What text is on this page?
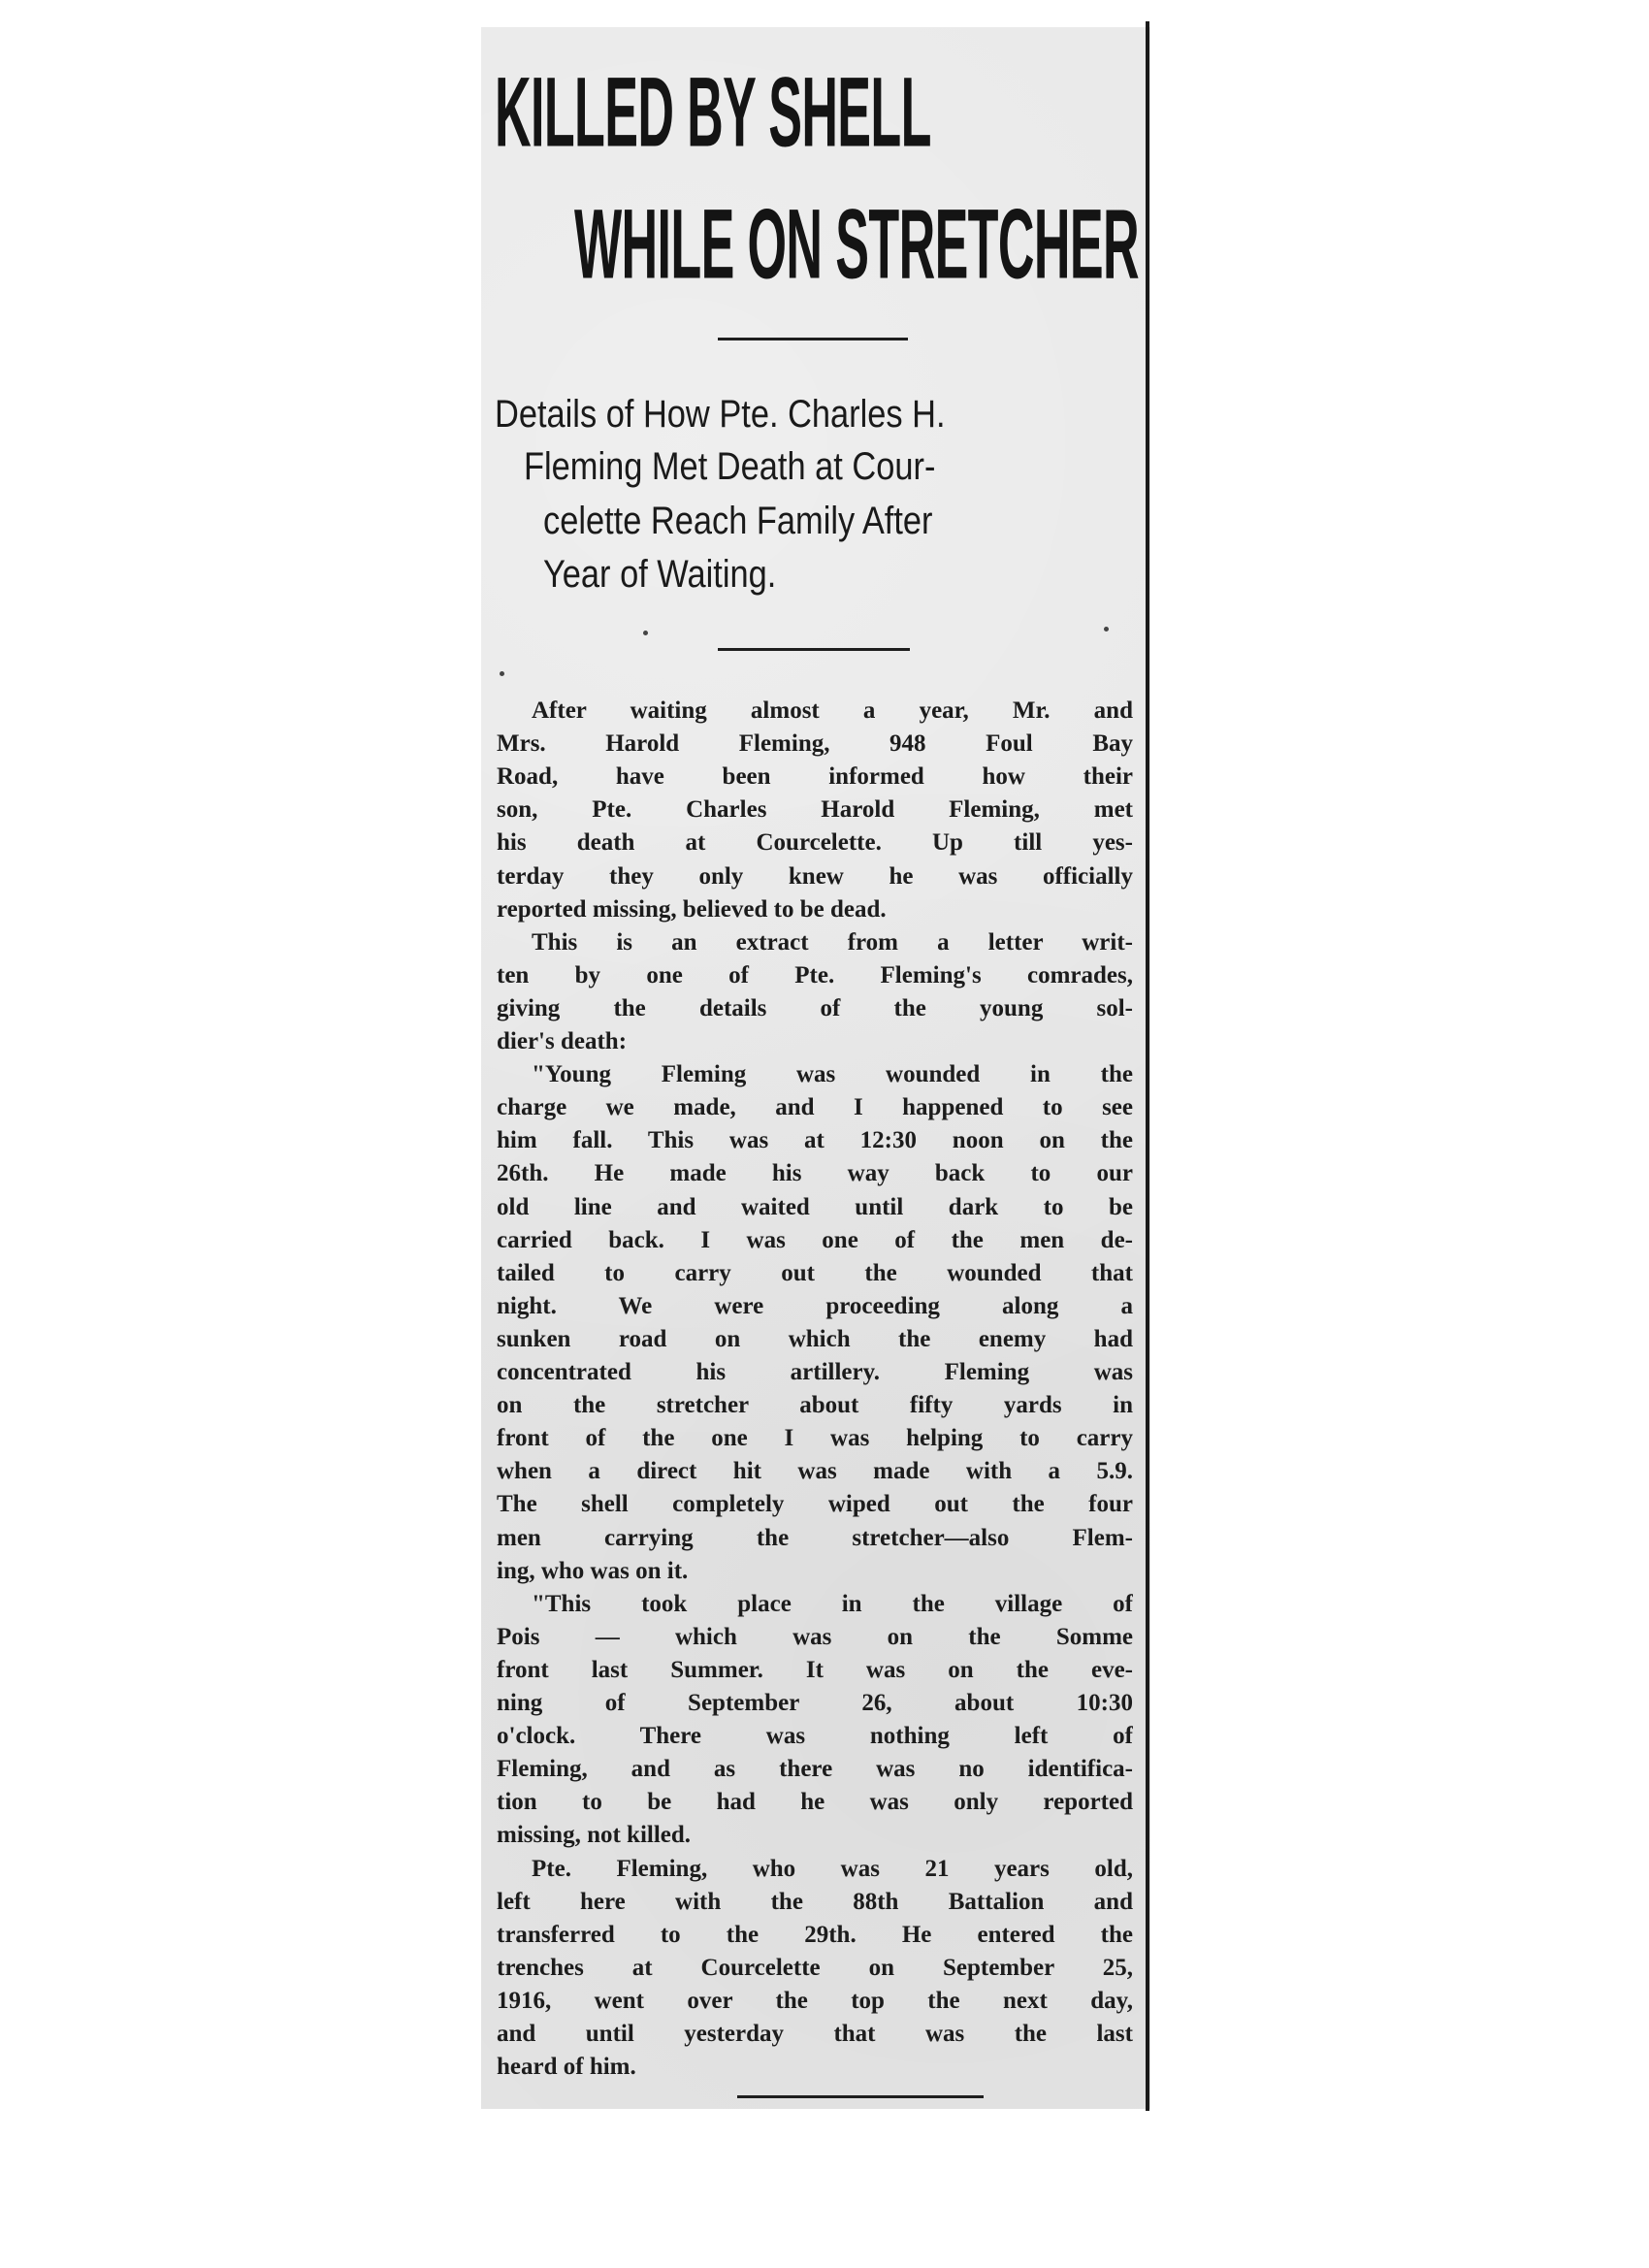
KILLED BY SHELL
WHILE ON STRETCHER
Details of How Pte. Charles H.
Fleming Met Death at Cour-
celette Reach Family After
Year of Waiting.
After waiting almost a year, Mr. and
Mrs. Harold Fleming, 948 Foul Bay
Road, have been informed how their
son, Pte. Charles Harold Fleming, met
his death at Courcelette. Up till yes-
terday they only knew he was officially
reported missing, believed to be dead.
This is an extract from a letter writ-
ten by one of Pte. Fleming's comrades,
giving the details of the young sol-
dier's death:
"Young Fleming was wounded in the
charge we made, and I happened to see
him fall. This was at 12:30 noon on the
26th. He made his way back to our
old line and waited until dark to be
carried back. I was one of the men de-
tailed to carry out the wounded that
night. We were proceeding along a
sunken road on which the enemy had
concentrated his artillery. Fleming was
on the stretcher about fifty yards in
front of the one I was helping to carry
when a direct hit was made with a 5.9.
The shell completely wiped out the four
men carrying the stretcher—also Flem-
ing, who was on it.
"This took place in the village of
Pois — which was on the Somme
front last Summer. It was on the eve-
ning of September 26, about 10:30
o'clock. There was nothing left of
Fleming, and as there was no identifica-
tion to be had he was only reported
missing, not killed.
Pte. Fleming, who was 21 years old,
left here with the 88th Battalion and
transferred to the 29th. He entered the
trenches at Courcelette on September 25,
1916, went over the top the next day,
and until yesterday that was the last
heard of him.
